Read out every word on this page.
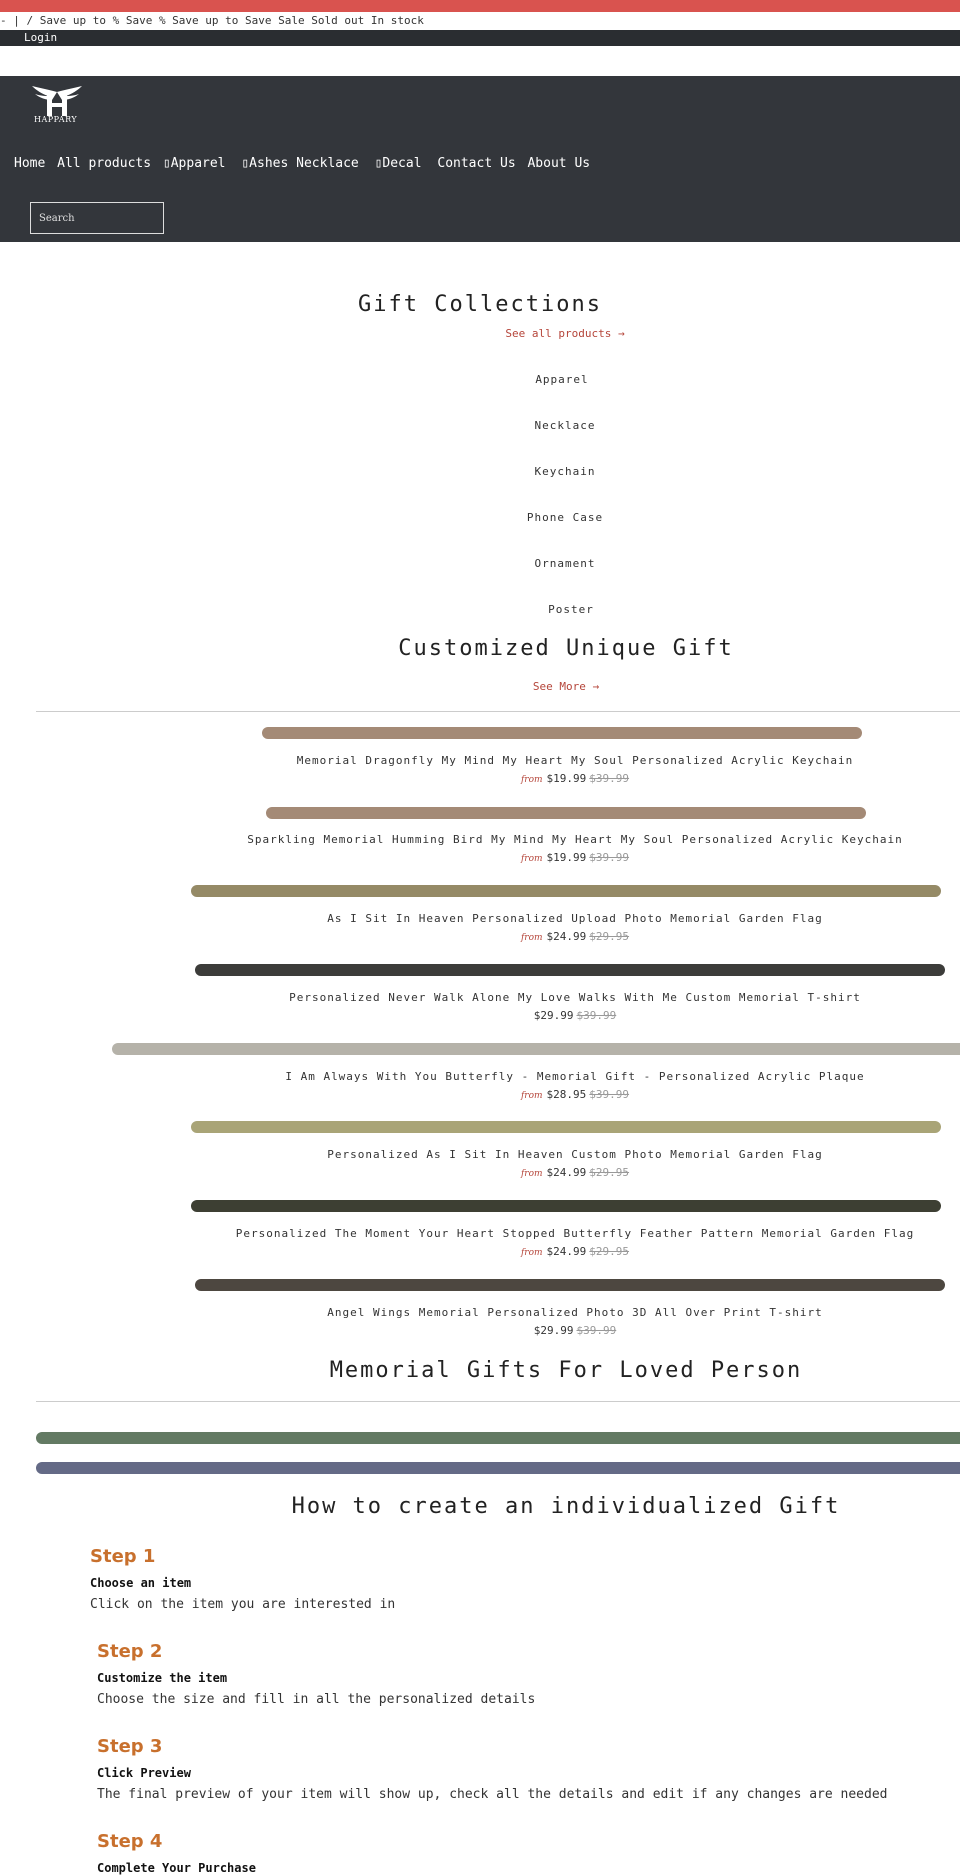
- | / Save up to % Save % Save up to Save Sale Sold out In stock
Login
HAPPARY
Home All products ▯Apparel ▯Ashes Necklace ▯Decal Contact Us About Us
Search
Gift Collections
See all products →
Apparel
Necklace
Keychain
Phone Case
Ornament
Poster
Customized Unique Gift
See More →
Memorial Dragonfly My Mind My Heart My Soul Personalized Acrylic Keychain
from $19.99 $39.99
Sparkling Memorial Humming Bird My Mind My Heart My Soul Personalized Acrylic Keychain
from $19.99 $39.99
As I Sit In Heaven Personalized Upload Photo Memorial Garden Flag
from $24.99 $29.95
Personalized Never Walk Alone My Love Walks With Me Custom Memorial T-shirt
$29.99 $39.99
I Am Always With You Butterfly - Memorial Gift - Personalized Acrylic Plaque
from $28.95 $39.99
Personalized As I Sit In Heaven Custom Photo Memorial Garden Flag
from $24.99 $29.95
Personalized The Moment Your Heart Stopped Butterfly Feather Pattern Memorial Garden Flag
from $24.99 $29.95
Angel Wings Memorial Personalized Photo 3D All Over Print T-shirt
$29.99 $39.99
Memorial Gifts For Loved Person
How to create an individualized Gift
Step 1
Choose an item
Click on the item you are interested in
Step 2
Customize the item
Choose the size and fill in all the personalized details
Step 3
Click Preview
The final preview of your item will show up, check all the details and edit if any changes are needed
Step 4
Complete Your Purchase
